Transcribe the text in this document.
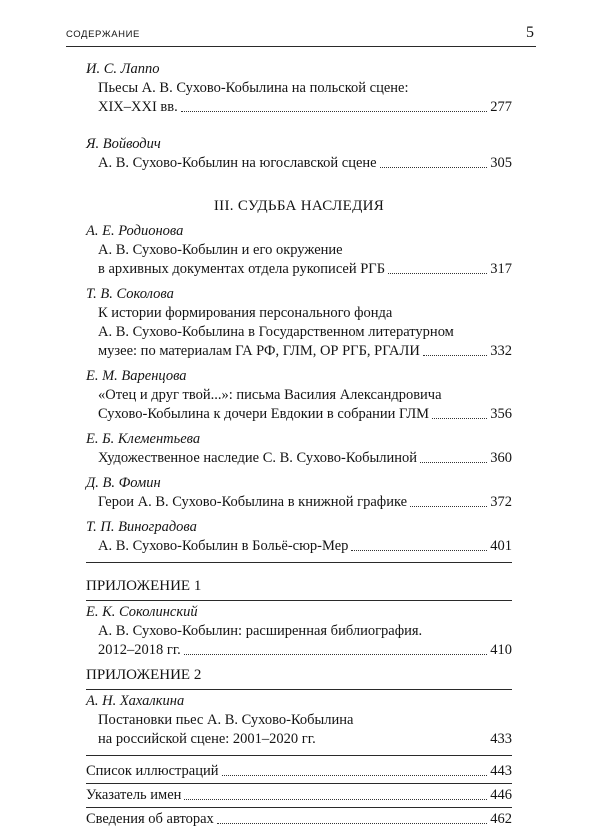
СОДЕРЖАНИЕ	5
И. С. Лаппо
Пьесы А. В. Сухово-Кобылина на польской сцене:
XIX–XXI вв.	277
Я. Войводич
А. В. Сухово-Кобылин на югославской сцене	305
III. СУДЬБА НАСЛЕДИЯ
А. Е. Родионова
А. В. Сухово-Кобылин и его окружение
в архивных документах отдела рукописей РГБ	317
Т. В. Соколова
К истории формирования персонального фонда
А. В. Сухово-Кобылина в Государственном литературном
музее: по материалам ГА РФ, ГЛМ, ОР РГБ, РГАЛИ	332
Е. М. Варенцова
«Отец и друг твой...»: письма Василия Александровича
Сухово-Кобылина к дочери Евдокии в собрании ГЛМ	356
Е. Б. Клементьева
Художественное наследие С. В. Сухово-Кобылиной	360
Д. В. Фомин
Герои А. В. Сухово-Кобылина в книжной графике	372
Т. П. Виноградова
А. В. Сухово-Кобылин в Больё-сюр-Мер	401
ПРИЛОЖЕНИЕ 1
Е. К. Соколинский
А. В. Сухово-Кобылин: расширенная библиография.
2012–2018 гг.	410
ПРИЛОЖЕНИЕ 2
А. Н. Хахалкина
Постановки пьес А. В. Сухово-Кобылина
на российской сцене: 2001–2020 гг.	433
Список иллюстраций	443
Указатель имен	446
Сведения об авторах	462
